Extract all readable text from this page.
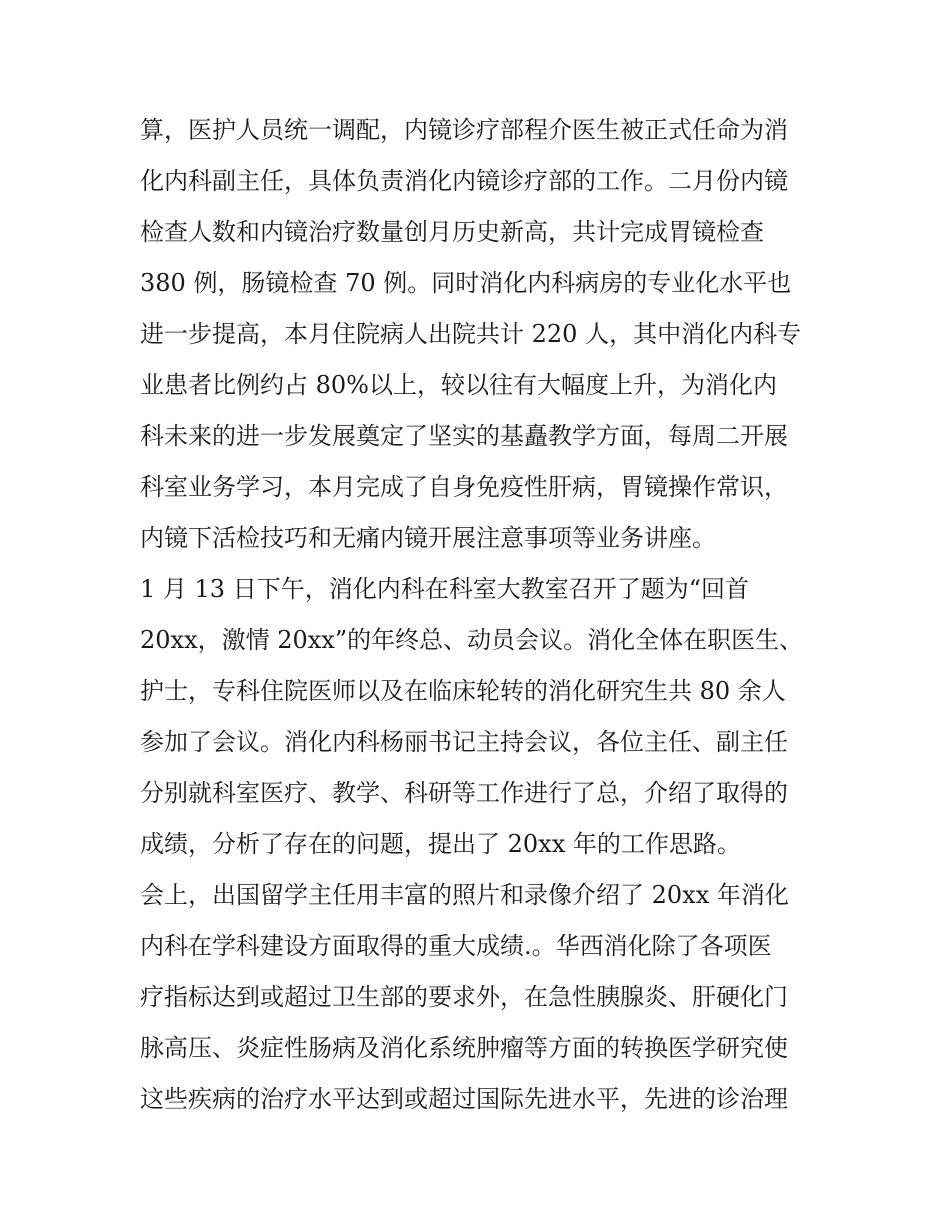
算，医护人员统一调配，内镜诊疗部程介医生被正式任命为消
化内科副主任，具体负责消化内镜诊疗部的工作。二月份内镜
检查人数和内镜治疗数量创月历史新高，共计完成胃镜检查
380 例，肠镜检查 70 例。同时消化内科病房的专业化水平也
进一步提高，本月住院病人出院共计 220 人，其中消化内科专
业患者比例约占 80%以上，较以往有大幅度上升，为消化内
科未来的进一步发展奠定了坚实的基矗教学方面，每周二开展
科室业务学习，本月完成了自身免疫性肝病，胃镜操作常识，
内镜下活检技巧和无痛内镜开展注意事项等业务讲座。
1 月 13 日下午，消化内科在科室大教室召开了题为“回首
20xx，激情 20xx”的年终总、动员会议。消化全体在职医生、
护士，专科住院医师以及在临床轮转的消化研究生共 80 余人
参加了会议。消化内科杨丽书记主持会议，各位主任、副主任
分别就科室医疗、教学、科研等工作进行了总，介绍了取得的
成绩，分析了存在的问题，提出了 20xx 年的工作思路。
会上，出国留学主任用丰富的照片和录像介绍了 20xx 年消化
内科在学科建设方面取得的重大成绩.。华西消化除了各项医
疗指标达到或超过卫生部的要求外，在急性胰腺炎、肝硬化门
脉高压、炎症性肠病及消化系统肿瘤等方面的转换医学研究使
这些疾病的治疗水平达到或超过国际先进水平，先进的诊治理
